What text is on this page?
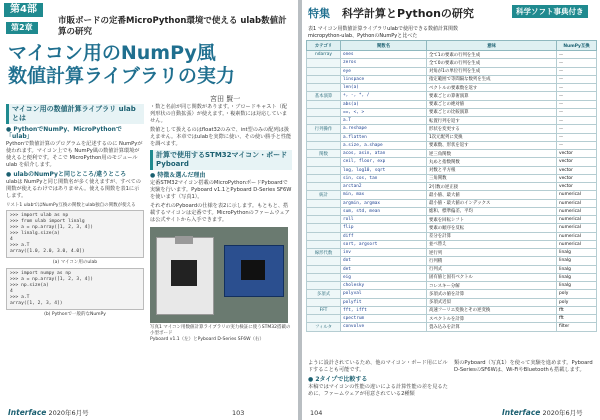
第4部
第2章
市販ボードの定番MicroPython環境で使える ulab数値計算の研究
マイコン用のNumPy風
数値計算ライブラリの実力
宮田 賢一
マイコン用の数値計算ライブラリ ulabとは
● PythonでNumPy、MicroPythonで「ulab」

Pythonで数値計算のプログラムを記述するのに NumPyが使われます。マイコン上でも NumPy風の数値計算環境が使えると便利です。そこで MicroPython用のモジュール ulab を紹介します。

● ulabのNumPyと同じところ/違うところ

ulabは NumPyと同じ関数名が多く使えますが、すべての関数が使えるわけではありません。使える関数を表1に示します。

リスト1 ulabではNumPy互換の関数とulab独自の関数が使える
>>> import ulab as np
>>> from ulab import linalg
>>> a = np.array([1, 2, 3, 4])
>>> linalg.size(a)
4
>>> a.T
array([1.0, 2.0, 3.0, 4.0])
(a) マイコン用のulab
>>> import numpy as np
>>> a = np.array([1, 2, 3, 4])
>>> np.size(a)
4
>>> a.T
array([1, 2, 3, 4])
(b) Pythonで一般的なNumPy

・数と名前が同じ関数があります。・ブロードキャスト（配列形状の自動拡張）が使えます。・複素数には対応していません。

数値として扱えるのはfloat32のみで、int型のみの配列は扱えません。本章ではulabを実際に使い、その使い勝手と性能を調べます。

計算で使用するSTM32マイコン・ボードPyboard
● 特徴＆選んだ理由

定番STM32マイコン搭載のMicroPythonボードPyboardで実験を行います。Pyboard v1.1とPyboard D-Series SF6Wを使います（写真1）。

それぞれのPyboardの仕様を表2に示します。もともと、搭載するマイコンは定番です。MicroPythonのファームウェアは公式サイトから入手できます。

写真1 マイコン用数値計算ライブラリの実力検証に使うSTM32搭載の小型ボード
Pyboard v1.1（左）とPyboard D-Series SF6W（右）
Interface 2020年6月号	103
特集 科学計算とPythonの研究	科学ソフト事典付き
表1 マイコン用数値計算ライブラリulabで使用できる数値計算関数
micropython-ulab、PythonのNumPyと比べた
カテゴリ	関数名	意味	NumPy互換
ndarray	ones	全て1の要素の行列を生成	ー
	zeros	全て0の要素の行列を生成	ー
	eye	対角が1の単位行列を生成	ー
	linspace	指定範囲で等間隔な数列を生成	ー
	len(a)	ベクトルの要素数を返す	ー
基本演算	+, -, *, /	要素ごとの算術演算	ー
	abs(a)	要素ごとの絶対値	ー
	==, <, >	要素ごとの比較演算	ー
	a.T	転置行列を返す	ー
行列操作	a.reshape	形状を変更する	ー
	a.flatten	1次元配列に変換	ー
	a.size, a.shape	要素数、形状を返す	ー
関数	acos, asin, atan	逆三角関数	vector
	ceil, floor, exp	丸めと指数関数	vector
	log, log10, sqrt	対数と平方根	vector
	sin, cos, tan	三角関数	vector
	arctan2	2引数の逆正接	vector
統計	min, max	最小値、最大値	numerical
	argmin, argmax	最小値・最大値のインデックス	numerical
	sum, std, mean	総和、標準偏差、平均	numerical
	roll	要素を回転シフト	numerical
	flip	要素の順序を反転	numerical
	diff	差分を計算	numerical
	sort, argsort	並べ替え	numerical
線形代数	inv	逆行列	linalg
	dot	行列積	linalg
	det	行列式	linalg
	eig	固有値と固有ベクトル	linalg
	cholesky	コレスキー分解	linalg
多項式	polyval	多項式の値を計算	poly
	polyfit	多項式近似	poly
FFT	fft, ifft	高速フーリエ変換とその逆変換	fft
	spectrum	スペクトルを計算	fft
フィルタ	convolve	畳み込みを計算	filter

ように設計されているため、他のマイコン・ボード用にビルドすることも可能です。

● 2タイプで比較する

本稿ではマイコンの性能の違いによる計算性能の差を見るために、ファームウェアが用意されている2種類

類のPyboard（写真1）を使って実験を進めます。Pyboard D-SeriesのSF6Wは、Wi-FiやBluetoothも搭載します。

104	Interface 2020年6月号
